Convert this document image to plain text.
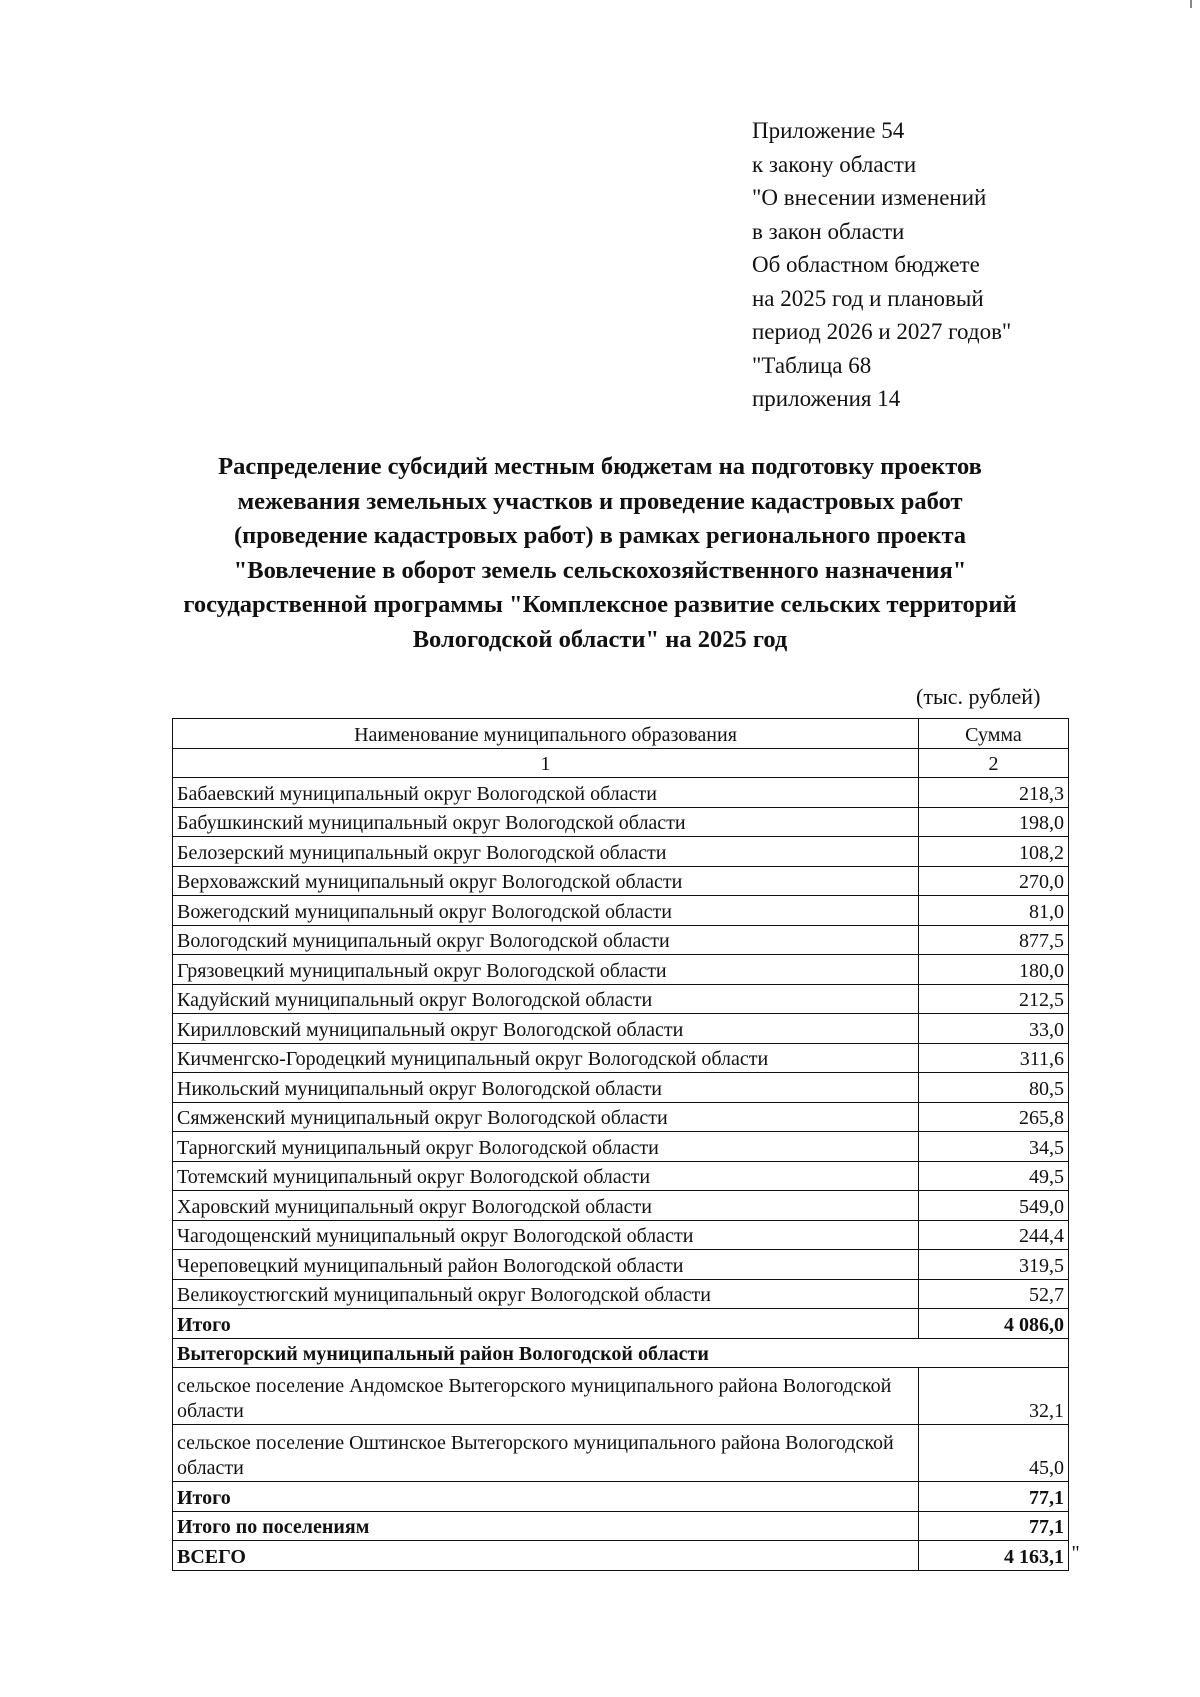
Приложение 54
к закону области
"О внесении изменений
в закон области
Об областном бюджете
на 2025 год и плановый
период 2026 и 2027 годов"
"Таблица 68
приложения 14
Распределение субсидий местным бюджетам на подготовку проектов
межевания земельных участков и проведение кадастровых работ
(проведение кадастровых работ) в рамках регионального проекта
"Вовлечение в оборот земель сельскохозяйственного назначения"
государственной программы "Комплексное развитие сельских территорий
Вологодской области" на 2025 год
(тыс. рублей)
Наименование муниципального образования	Сумма
1	2
Бабаевский муниципальный округ Вологодской области	218,3
Бабушкинский муниципальный округ Вологодской области	198,0
Белозерский муниципальный округ Вологодской области	108,2
Верховажский муниципальный округ Вологодской области	270,0
Вожегодский муниципальный округ Вологодской области	81,0
Вологодский муниципальный округ Вологодской области	877,5
Грязовецкий муниципальный округ Вологодской области	180,0
Кадуйский муниципальный округ Вологодской области	212,5
Кирилловский муниципальный округ Вологодской области	33,0
Кичменгско-Городецкий муниципальный округ Вологодской области	311,6
Никольский муниципальный округ Вологодской области	80,5
Сямженский муниципальный округ Вологодской области	265,8
Тарногский муниципальный округ Вологодской области	34,5
Тотемский муниципальный округ Вологодской области	49,5
Харовский муниципальный округ Вологодской области	549,0
Чагодощенский муниципальный округ Вологодской области	244,4
Череповецкий муниципальный район Вологодской области	319,5
Великоустюгский муниципальный округ Вологодской области	52,7
Итого	4 086,0
Вытегорский муниципальный район Вологодской области	
сельское поселение Андомское Вытегорского муниципального района Вологодской области	32,1
сельское поселение Оштинское Вытегорского муниципального района Вологодской области	45,0
Итого	77,1
Итого по поселениям	77,1
ВСЕГО	4 163,1 "
